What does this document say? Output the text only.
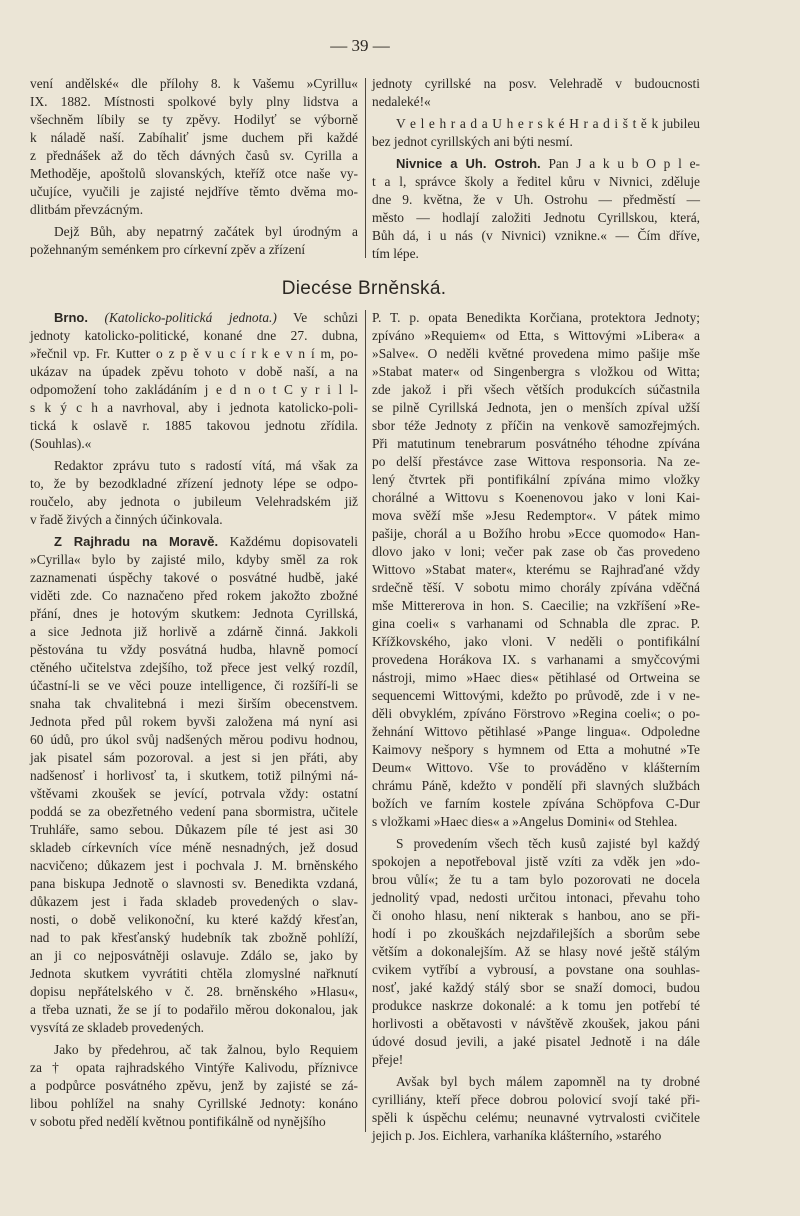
— 39 —
vení andělské« dle přílohy 8. k Vašemu »Cyrillu«
IX. 1882. Místnosti spolkové byly plny lidstva a
všechněm líbily se ty zpěvy. Hodilyť se výborně
k náladě naší. Zabíhaliť jsme duchem při každé
z přednášek až do těch dávných časů sv. Cyrilla a
Methoděje, apoštolů slovanských, kteříž otce naše vy-
učujíce, vyučili je zajisté nejdříve těmto dvěma mo-
dlitbám převzácným.
Dejž Bůh, aby nepatrný začátek byl úrodným a
požehnaným seménkem pro církevní zpěv a zřízení
jednoty cyrillské na posv. Velehradě v budoucnosti
nedaleké!«
V e l e h r a d a U h e r s k é H r a d i š t ě k jubileu
bez jednot cyrillských ani býti nesmí.
Nivnice a Uh. Ostroh. Pan J a k u b O p l e-
t a l, správce školy a ředitel kůru v Nivnici, zděluje
dne 9. května, že v Uh. Ostrohu — předměstí —
město — hodlají založiti Jednotu Cyrillskou, která,
Bůh dá, i u nás (v Nivnici) vznikne.« — Čím dříve,
tím lépe.
Diecése Brněnská.
Brno. (Katolicko-politická jednota.) Ve schůzi
jednoty katolicko-politické, konané dne 27. dubna,
»řečnil vp. Fr. Kutter o z p ě v u c í r k e v n í m, po-
ukázav na úpadek zpěvu tohoto v době naší, a na
odpomožení toho zakládáním j e d n o t C y r i l l-
s k ý c h a navrhoval, aby i jednota katolicko-poli-
tická k oslavě r. 1885 takovou jednotu zřídila.
(Souhlas).«
Redaktor zprávu tuto s radostí vítá, má však za
to, že by bezodkladné zřízení jednoty lépe se odpo-
roučelo, aby jednota o jubileum Velehradském již
v řadě živých a činných účinkovala.
Z Rajhradu na Moravě. Každému dopisovateli
»Cyrilla« bylo by zajisté milo, kdyby směl za rok
zaznamenati úspěchy takové o posvátné hudbě, jaké
viděti zde. Co naznačeno před rokem jakožto zbožné
přání, dnes je hotovým skutkem: Jednota Cyrillská,
a sice Jednota již horlivě a zdárně činná. Jakkoli
pěstována tu vždy posvátná hudba, hlavně pomocí
ctěného učitelstva zdejšího, tož přece jest velký rozdíl,
účastní-li se ve věci pouze intelligence, či rozšíří-li se
snaha tak chvalitebná i mezi širším obecenstvem.
Jednota před půl rokem byvši založena má nyní asi
60 údů, pro úkol svůj nadšených měrou podivu hodnou,
jak pisatel sám pozoroval. a jest si jen přáti, aby
nadšenosť i horlivosť ta, i skutkem, totiž pilnými ná-
vštěvami zkoušek se jevící, potrvala vždy: ostatní
poddá se za obezřetného vedení pana sbormistra, učitele
Truhláře, samo sebou. Důkazem píle té jest asi 30
skladeb církevních více méně nesnadných, jež dosud
nacvičeno; důkazem jest i pochvala J. M. brněnského
pana biskupa Jednotě o slavnosti sv. Benedikta vzdaná,
důkazem jest i řada skladeb provedených o slav-
nosti, o době velikonoční, ku které každý křesťan,
nad to pak křesťanský hudebník tak zbožně pohlíží,
an ji co nejposvátněji oslavuje. Zdálo se, jako by
Jednota skutkem vyvrátiti chtěla zlomyslné nařknutí
dopisu nepřátelského v č. 28. brněnského »Hlasu«,
a třeba uznati, že se jí to podařilo měrou dokonalou, jak
vysvítá ze skladeb provedených.
Jako by předehrou, ač tak žalnou, bylo Requiem
za † opata rajhradského Vintýře Kalivodu, příznivce
a podpůrce posvátného zpěvu, jenž by zajisté se zá-
libou pohlížel na snahy Cyrillské Jednoty: konáno
v sobotu před nedělí květnou pontifikálně od nynějšího
P. T. p. opata Benedikta Korčiana, protektora Jednoty;
zpíváno »Requiem« od Etta, s Wittovými »Libera« a
»Salve«. O neděli květné provedena mimo pašije mše
»Stabat mater« od Singenbergra s vložkou od Witta;
zde jakož i při všech větších produkcích súčastnila
se pilně Cyrillská Jednota, jen o menších zpíval užší
sbor téže Jednoty z příčin na venkově samozřejmých.
Při matutinum tenebrarum posvátného téhodne zpívána
po delší přestávce zase Wittova responsoria. Na ze-
lený čtvrtek při pontifikální zpívána mimo vložky
chorálné a Wittovu s Koenenovou jako v loni Kai-
mova svěží mše »Jesu Redemptor«. V pátek mimo
pašije, chorál a u Božího hrobu »Ecce quomodo« Han-
dlovo jako v loni; večer pak zase ob čas provedeno
Wittovo »Stabat mater«, kterému se Rajhraďané vždy
srdečně těší. V sobotu mimo chorály zpívána vděčná
mše Mittererova in hon. S. Caecilie; na vzkříšení »Re-
gina coeli« s varhanami od Schnabla dle zprac. P.
Křížkovského, jako vloni. V neděli o pontifikální
provedena Horákova IX. s varhanami a smyčcovými
nástroji, mimo »Haec dies« pětihlasé od Ortweina se
sequencemi Wittovými, kdežto po průvodě, zde i v ne-
děli obvyklém, zpíváno Förstrovo »Regina coeli«; o po-
žehnání Wittovo pětihlasé »Pange lingua«. Odpoledne
Kaimovy nešpory s hymnem od Etta a mohutné »Te
Deum« Wittovo. Vše to prováděno v klášterním
chrámu Páně, kdežto v pondělí při slavných službách
božích ve farním kostele zpívána Schöpfova C-Dur
s vložkami »Haec dies« a »Angelus Domini« od Stehlea.
S provedením všech těch kusů zajisté byl každý
spokojen a nepotřeboval jistě vzíti za vděk jen »do-
brou vůlí«; že tu a tam bylo pozorovati ne docela
jednolitý vpad, nedosti určitou intonaci, převahu toho
či onoho hlasu, není nikterak s hanbou, ano se při-
hodí i po zkouškách nejzdařilejších a sborům sebe
větším a dokonalejším. Až se hlasy nové ještě stálým
cvikem vytříbí a vybrousí, a povstane ona souhlas-
nosť, jaké každý stálý sbor se snaží domoci, budou
produkce naskrze dokonalé: a k tomu jen potřebí té
horlivosti a obětavosti v návštěvě zkoušek, jakou páni
údové dosud jevili, a jaké pisatel Jednotě i na dále
přeje!
Avšak byl bych málem zapomněl na ty drobné
cyrilliány, kteří přece dobrou polovicí svojí také při-
spěli k úspěchu celému; neunavné vytrvalosti cvičitele
jejich p. Jos. Eichlera, varhaníka klášterního, »starého
